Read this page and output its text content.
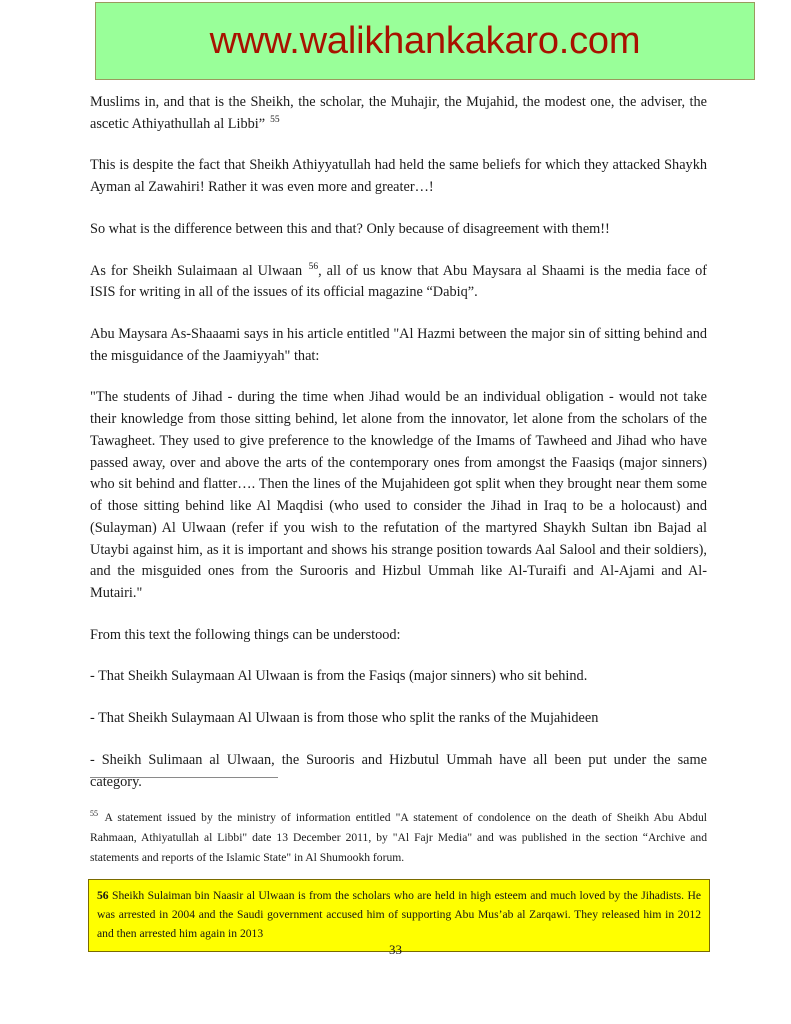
www.walikhankakaro.com

Muslims in, and that is the Sheikh, the scholar, the Muhajir, the Mujahid, the modest one, the adviser, the ascetic Athiyathullah al Libbi” $^{55}$

This is despite the fact that Sheikh Athiyyatullah had held the same beliefs for which they attacked Shaykh Ayman al Zawahiri! Rather it was even more and greater…!

So what is the difference between this and that? Only because of disagreement with them!!

As for Sheikh Sulaimaan al Ulwaan $^{56}$, all of us know that Abu Maysara al Shaami is the media face of ISIS for writing in all of the issues of its official magazine “Dabiq”.

Abu Maysara As-Shaaami says in his article entitled "Al Hazmi between the major sin of sitting behind and the misguidance of the Jaamiyyah" that:

"The students of Jihad - during the time when Jihad would be an individual obligation - would not take their knowledge from those sitting behind, let alone from the innovator, let alone from the scholars of the Tawagheet. They used to give preference to the knowledge of the Imams of Tawheed and Jihad who have passed away, over and above the arts of the contemporary ones from amongst the Faasiqs (major sinners) who sit behind and flatter…. Then the lines of the Mujahideen got split when they brought near them some of those sitting behind like Al Maqdisi (who used to consider the Jihad in Iraq to be a holocaust) and (Sulayman) Al Ulwaan (refer if you wish to the refutation of the martyred Shaykh Sultan ibn Bajad al Utaybi against him, as it is important and shows his strange position towards Aal Salool and their soldiers), and the misguided ones from the Surooris and Hizbul Ummah like Al-Turaifi and Al-Ajami and Al-Mutairi."

From this text the following things can be understood:

- That Sheikh Sulaymaan Al Ulwaan is from the Fasiqs (major sinners) who sit behind.

- That Sheikh Sulaymaan Al Ulwaan is from those who split the ranks of the Mujahideen

- Sheikh Sulimaan al Ulwaan, the Surooris and Hizbutul Ummah have all been put under the same category.

$^{55}$ A statement issued by the ministry of information entitled "A statement of condolence on the death of Sheikh Abu Abdul Rahmaan, Athiyatullah al Libbi" date 13 December 2011, by "Al Fajr Media" and was published in the section “Archive and statements and reports of the Islamic State" in Al Shumookh forum.

56 Sheikh Sulaiman bin Naasir al Ulwaan is from the scholars who are held in high esteem and much loved by the Jihadists. He was arrested in 2004 and the Saudi government accused him of supporting Abu Mus’ab al Zarqawi. They released him in 2012 and then arrested him again in 2013

33
